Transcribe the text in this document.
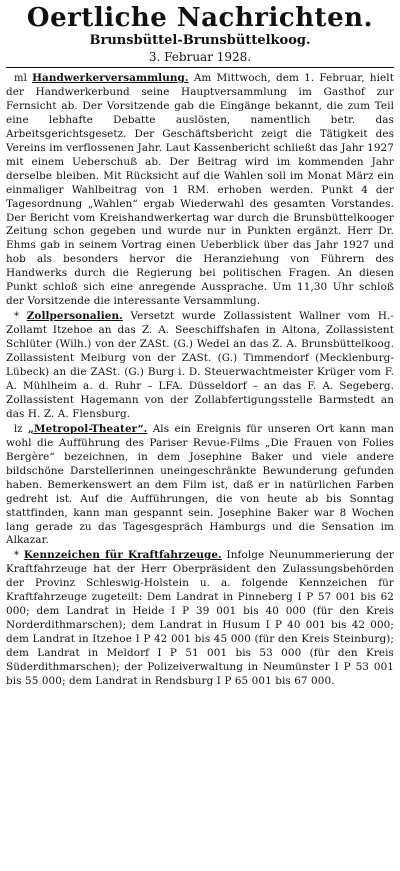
Oertliche Nachrichten.
Brunsbüttel-Brunsbüttelkoog.
3. Februar 1928.

ml Handwerkerversammlung. Am Mittwoch, dem 1. Februar, hielt der Handwerkerbund seine Hauptversammlung im Gasthof zur Fernsicht ab. Der Vorsitzende gab die Eingänge bekannt, die zum Teil eine lebhafte Debatte auslösten, namentlich betr. das Arbeitsgerichtsgesetz. Der Geschäftsbericht zeigt die Tätigkeit des Vereins im verflossenen Jahr. Laut Kassenbericht schließt das Jahr 1927 mit einem Ueberschuß ab. Der Beitrag wird im kommenden Jahr derselbe bleiben. Mit Rücksicht auf die Wahlen soll im Monat März ein einmaliger Wahlbeitrag von 1 RM. erhoben werden. Punkt 4 der Tagesordnung „Wahlen“ ergab Wiederwahl des gesamten Vorstandes. Der Bericht vom Kreishandwerkertag war durch die Brunsbüttelkooger Zeitung schon gegeben und wurde nur in Punkten ergänzt. Herr Dr. Ehms gab in seinem Vortrag einen Ueberblick über das Jahr 1927 und hob als besonders hervor die Heranziehung von Führern des Handwerks durch die Regierung bei politischen Fragen. An diesen Punkt schloß sich eine anregende Aussprache. Um 11,30 Uhr schloß der Vorsitzende die interessante Versammlung.

* Zollpersonalien. Versetzt wurde Zollassistent Wallner vom H.-Zollamt Itzehoe an das Z. A. Seeschiffshafen in Altona, Zollassistent Schlüter (Wilh.) von der ZASt. (G.) Wedel an das Z. A. Brunsbüttelkoog. Zollassistent Meiburg von der ZASt. (G.) Timmendorf (Mecklenburg-Lübeck) an die ZASt. (G.) Burg i. D. Steuerwachtmeister Krüger vom F. A. Mühlheim a. d. Ruhr – LFA. Düsseldorf – an das F. A. Segeberg. Zollassistent Hagemann von der Zollabfertigungsstelle Barmstedt an das H. Z. A. Flensburg.

lz „Metropol-Theater“. Als ein Ereignis für unseren Ort kann man wohl die Aufführung des Pariser Revue-Films „Die Frauen von Folies Bergère“ bezeichnen, in dem Josephine Baker und viele andere bildschöne Darstellerinnen uneingeschränkte Bewunderung gefunden haben. Bemerkenswert an dem Film ist, daß er in natürlichen Farben gedreht ist. Auf die Aufführungen, die von heute ab bis Sonntag stattfinden, kann man gespannt sein. Josephine Baker war 8 Wochen lang gerade zu das Tagesgespräch Hamburgs und die Sensation im Alkazar.

* Kennzeichen für Kraftfahrzeuge. Infolge Neunummerierung der Kraftfahrzeuge hat der Herr Oberpräsident den Zulassungsbehörden der Provinz Schleswig-Holstein u. a. folgende Kennzeichen für Kraftfahrzeuge zugeteilt: Dem Landrat in Pinneberg I P 57 001 bis 62 000; dem Landrat in Heide I P 39 001 bis 40 000 (für den Kreis Norderdithmarschen); dem Landrat in Husum I P 40 001 bis 42 000; dem Landrat in Itzehoe I P 42 001 bis 45 000 (für den Kreis Steinburg); dem Landrat in Meldorf I P 51 001 bis 53 000 (für den Kreis Süderdithmarschen); der Polizeiverwaltung in Neumünster I P 53 001 bis 55 000; dem Landrat in Rendsburg I P 65 001 bis 67 000.
